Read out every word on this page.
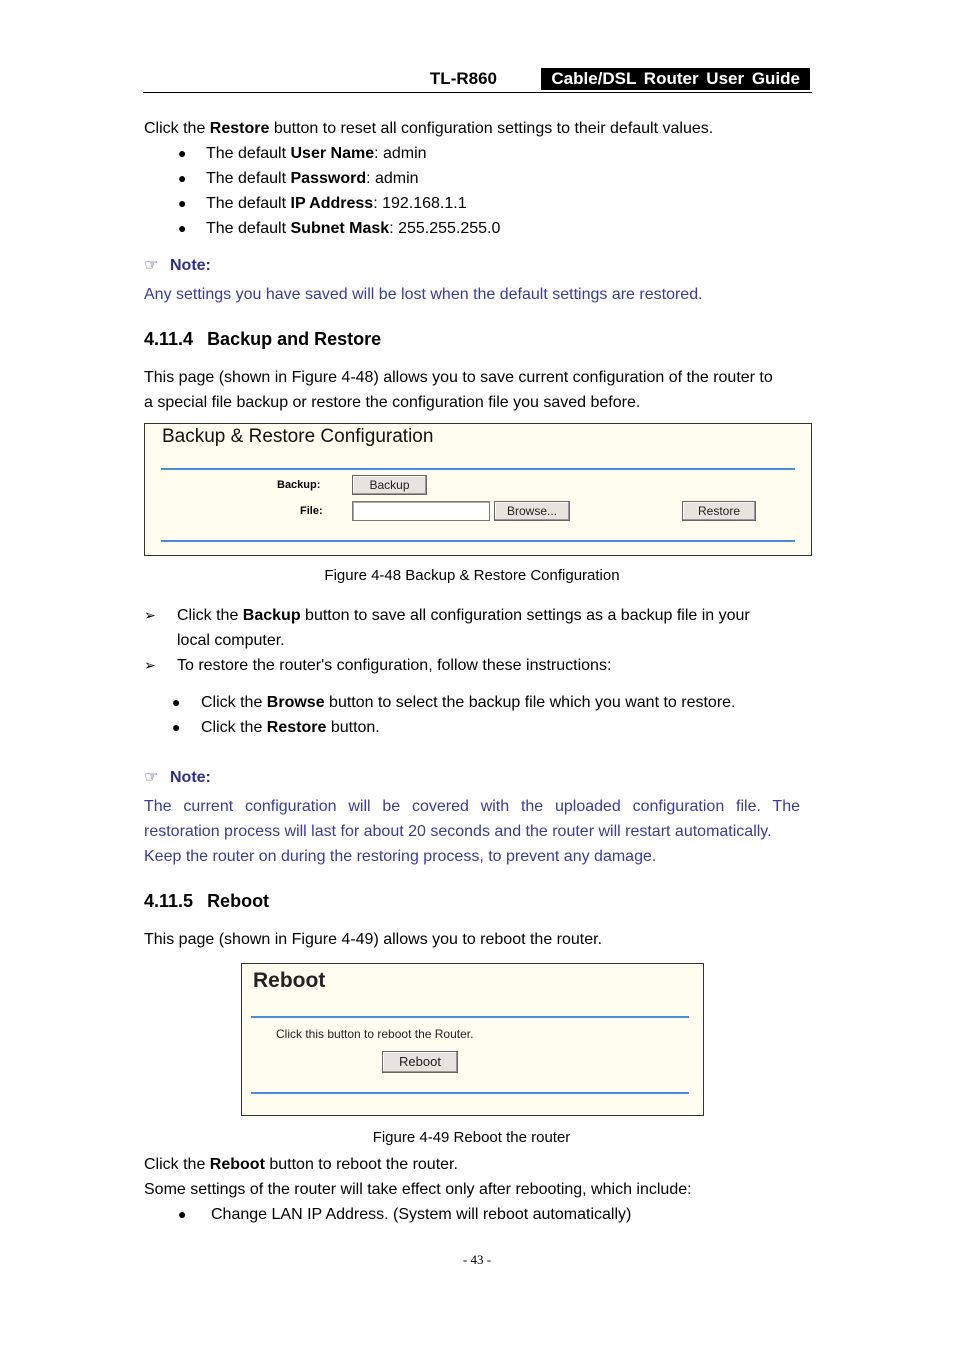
TL-R860	Cable/DSL Router User Guide
Click the Restore button to reset all configuration settings to their default values.
● The default User Name: admin
● The default Password: admin
● The default IP Address: 192.168.1.1
● The default Subnet Mask: 255.255.255.0
☞ Note:
Any settings you have saved will be lost when the default settings are restored.
4.11.4 Backup and Restore
This page (shown in Figure 4-48) allows you to save current configuration of the router to
a special file backup or restore the configuration file you saved before.
Backup & Restore Configuration
Backup:	Backup
File:	Browse...	Restore
Figure 4-48 Backup & Restore Configuration
➢ Click the Backup button to save all configuration settings as a backup file in your
local computer.
➢ To restore the router's configuration, follow these instructions:
● Click the Browse button to select the backup file which you want to restore.
● Click the Restore button.
☞ Note:
The current configuration will be covered with the uploaded configuration file. The
restoration process will last for about 20 seconds and the router will restart automatically.
Keep the router on during the restoring process, to prevent any damage.
4.11.5 Reboot
This page (shown in Figure 4-49) allows you to reboot the router.
Reboot
Click this button to reboot the Router.
Reboot
Figure 4-49 Reboot the router
Click the Reboot button to reboot the router.
Some settings of the router will take effect only after rebooting, which include:
● Change LAN IP Address. (System will reboot automatically)
- 43 -
